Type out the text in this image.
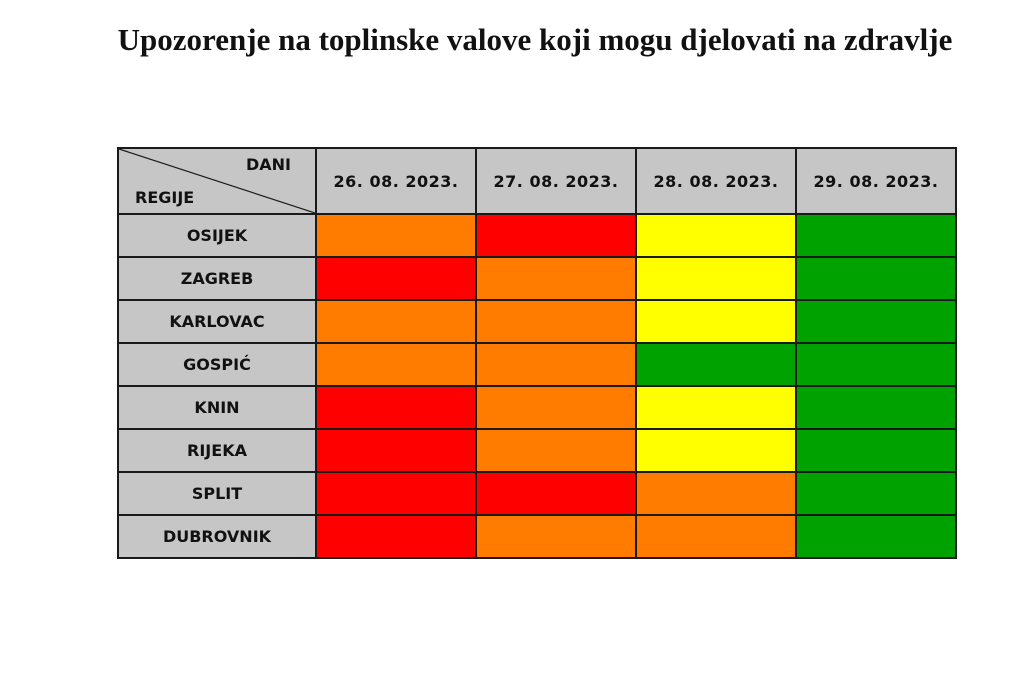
Upozorenje na toplinske valove koji mogu djelovati na zdravlje
DANI
REGIJE	26. 08. 2023.	27. 08. 2023.	28. 08. 2023.	29. 08. 2023.
OSIJEK				
ZAGREB				
KARLOVAC				
GOSPIĆ				
KNIN				
RIJEKA				
SPLIT				
DUBROVNIK				
